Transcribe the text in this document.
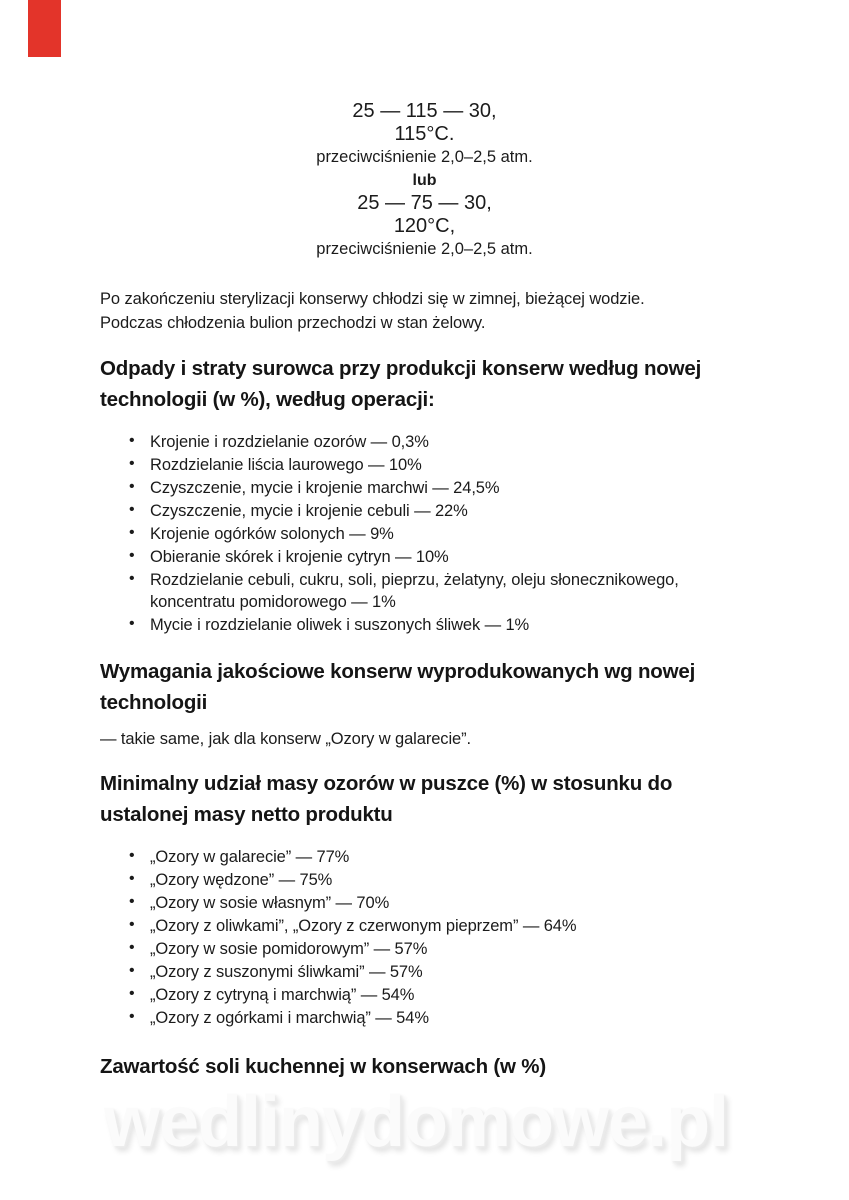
25 — 115 — 30,
115°C.
przeciwciśnienie 2,0–2,5 atm.
lub
25 — 75 — 30,
120°C,
przeciwciśnienie 2,0–2,5 atm.

Po zakończeniu sterylizacji konserwy chłodzi się w zimnej, bieżącej wodzie.
Podczas chłodzenia bulion przechodzi w stan żelowy.

Odpady i straty surowca przy produkcji konserw według nowej technologii (w %), według operacji:
• Krojenie i rozdzielanie ozorów — 0,3%
• Rozdzielanie liścia laurowego — 10%
• Czyszczenie, mycie i krojenie marchwi — 24,5%
• Czyszczenie, mycie i krojenie cebuli — 22%
• Krojenie ogórków solonych — 9%
• Obieranie skórek i krojenie cytryn — 10%
• Rozdzielanie cebuli, cukru, soli, pieprzu, żelatyny, oleju słonecznikowego, koncentratu pomidorowego — 1%
• Mycie i rozdzielanie oliwek i suszonych śliwek — 1%
Wymagania jakościowe konserw wyprodukowanych wg nowej technologii

— takie same, jak dla konserw „Ozory w galarecie”.

Minimalny udział masy ozorów w puszce (%) w stosunku do ustalonej masy netto produktu
• „Ozory w galarecie” — 77%
• „Ozory wędzone” — 75%
• „Ozory w sosie własnym” — 70%
• „Ozory z oliwkami”, „Ozory z czerwonym pieprzem” — 64%
• „Ozory w sosie pomidorowym” — 57%
• „Ozory z suszonymi śliwkami” — 57%
• „Ozory z cytryną i marchwią” — 54%
• „Ozory z ogórkami i marchwią” — 54%
Zawartość soli kuchennej w konserwach (w %)
wedlinydomowe.pl
